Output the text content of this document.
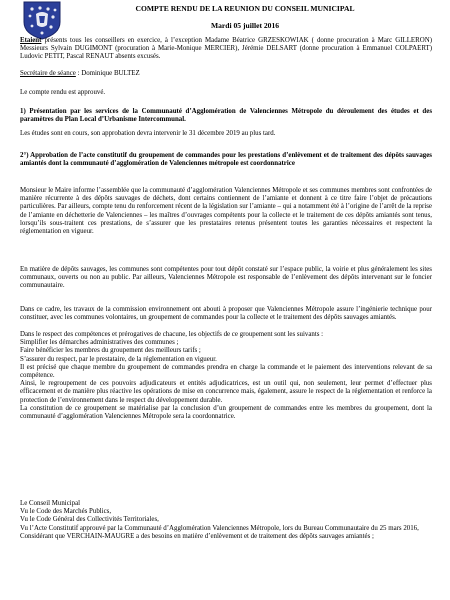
COMPTE RENDU DE LA REUNION DU CONSEIL MUNICIPAL
Mardi 05 juillet 2016
Etaient présents tous les conseillers en exercice, à l’exception Madame Béatrice GRZESKOWIAK ( donne procuration à Marc GILLERON) Messieurs Sylvain DUGIMONT (procuration à Marie-Monique MERCIER), Jérémie DELSART (donne procuration à Emmanuel COLPAERT) Ludovic PETIT, Pascal RENAUT absents excusés.
Secrétaire de séance : Dominique BULTEZ
Le compte rendu est approuvé.
1) Présentation par les services de la Communauté d’Agglomération de Valenciennes Métropole du déroulement des études et des paramètres du Plan Local d’Urbanisme Intercommunal.
Les études sont en cours, son approbation devra intervenir le 31 décembre 2019 au plus tard.
2°) Approbation de l’acte constitutif du groupement de commandes pour les prestations d’enlèvement et de traitement des dépôts sauvages amiantés dont la communauté d’agglomération de Valenciennes métropole est coordonnatrice
Monsieur le Maire informe l’assemblée que la communauté d’agglomération Valenciennes Métropole et ses communes membres sont confrontées de manière récurrente à des dépôts sauvages de déchets, dont certains contiennent de l’amiante et donnent à ce titre faire l’objet de précautions particulières. Par ailleurs, compte tenu du renforcement récent de la législation sur l’amiante – qui a notamment été à l’origine de l’arrêt de la reprise de l’amiante en déchetterie de Valenciennes – les maîtres d’ouvrages compétents pour la collecte et le traitement de ces dépôts amiantés sont tenus, lorsqu’ils sous-traitent ces prestations, de s’assurer que les prestataires retenus présentent toutes les garanties nécessaires et respectent la réglementation en vigueur.
En matière de dépôts sauvages, les communes sont compétentes pour tout dépôt constaté sur l’espace public, la voirie et plus généralement les sites communaux, ouverts ou non au public. Par ailleurs, Valenciennes Métropole est responsable de l’enlèvement des dépôts intervenant sur le foncier communautaire.
Dans ce cadre, les travaux de la commission environnement ont abouti à proposer que Valenciennes Métropole assure l’ingénierie technique pour constituer, avec les communes volontaires, un groupement de commandes pour la collecte et le traitement des dépôts sauvages amiantés.

Dans le respect des compétences et prérogatives de chacune, les objectifs de ce groupement sont les suivants :

Simplifier les démarches administratives des communes ;

Faire bénéficier les membres du groupement des meilleurs tarifs ;

S’assurer du respect, par le prestataire, de la réglementation en vigueur.

Il est précisé que chaque membre du groupement de commandes prendra en charge la commande et le paiement des interventions relevant de sa compétence.

Ainsi, le regroupement de ces pouvoirs adjudicateurs et entités adjudicatrices, est un outil qui, non seulement, leur permet d’effectuer plus efficacement et de manière plus réactive les opérations de mise en concurrence mais, également, assure le respect de la réglementation et renforce la protection de l’environnement dans le respect du développement durable.

La constitution de ce groupement se matérialise par la conclusion d’un groupement de commandes entre les membres du groupement, dont la communauté d’agglomération Valenciennes Métropole sera la coordonnatrice.

Le Conseil Municipal

Vu le Code des Marchés Publics,

Vu le Code Général des Collectivités Territoriales,

Vu l’Acte Constitutif approuvé par la Communauté d’Agglomération Valenciennes Métropole, lors du Bureau Communautaire du 25 mars 2016,

Considérant que VERCHAIN-MAUGRE a des besoins en matière d’enlèvement et de traitement des dépôts sauvages amiantés ;
